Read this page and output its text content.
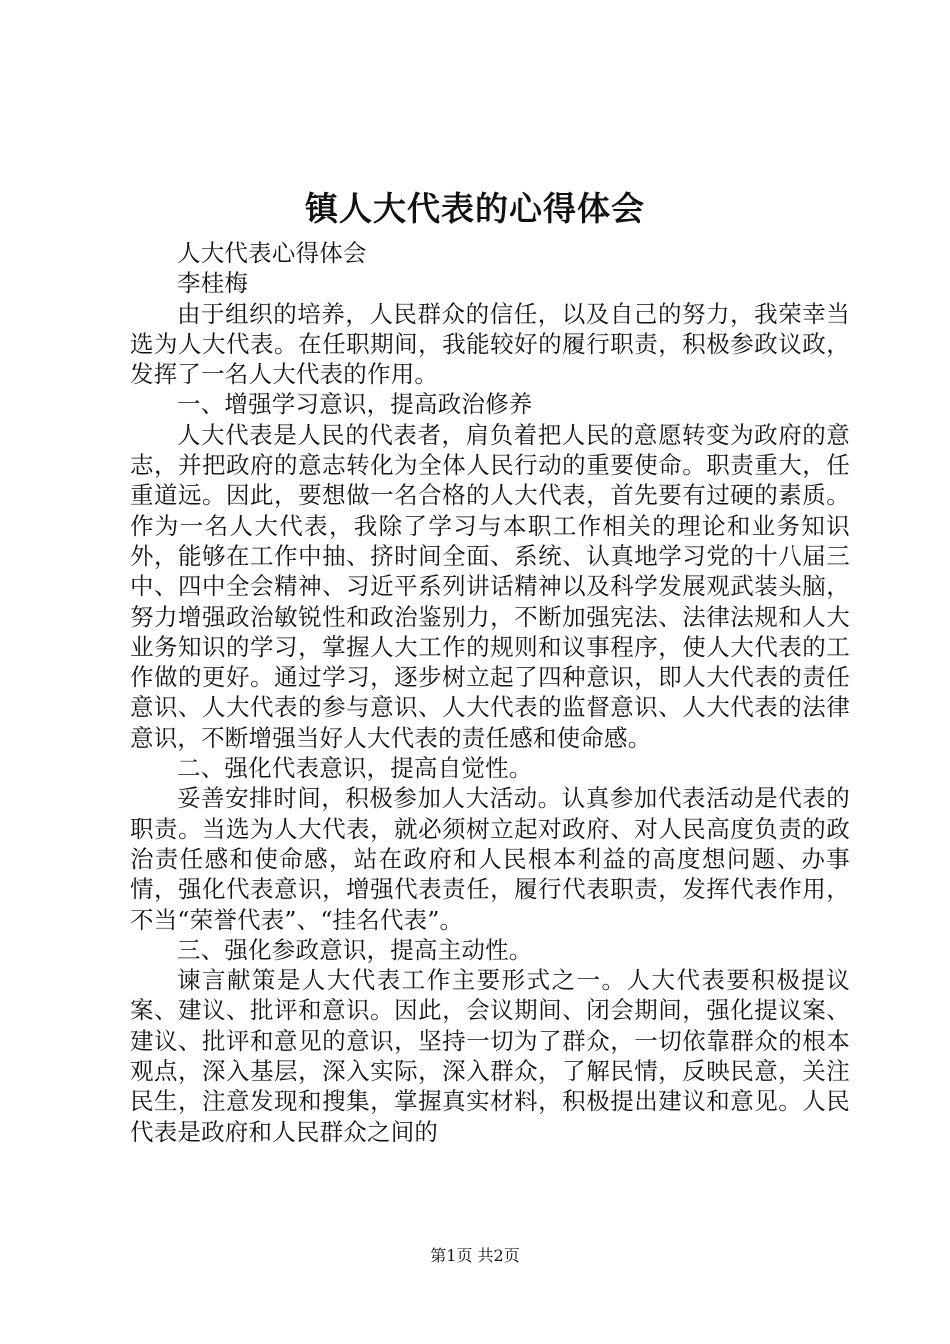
镇人大代表的心得体会

人大代表心得体会

李桂梅

由于组织的培养，人民群众的信任，以及自己的努力，我荣幸当选为人大代表。在任职期间，我能较好的履行职责，积极参政议政，发挥了一名人大代表的作用。

一、增强学习意识，提高政治修养

人大代表是人民的代表者，肩负着把人民的意愿转变为政府的意志，并把政府的意志转化为全体人民行动的重要使命。职责重大，任重道远。因此，要想做一名合格的人大代表，首先要有过硬的素质。作为一名人大代表，我除了学习与本职工作相关的理论和业务知识外，能够在工作中抽、挤时间全面、系统、认真地学习党的十八届三中、四中全会精神、习近平系列讲话精神以及科学发展观武装头脑，努力增强政治敏锐性和政治鉴别力，不断加强宪法、法律法规和人大业务知识的学习，掌握人大工作的规则和议事程序，使人大代表的工作做的更好。通过学习，逐步树立起了四种意识，即人大代表的责任意识、人大代表的参与意识、人大代表的监督意识、人大代表的法律意识，不断增强当好人大代表的责任感和使命感。

二、强化代表意识，提高自觉性。

妥善安排时间，积极参加人大活动。认真参加代表活动是代表的职责。当选为人大代表，就必须树立起对政府、对人民高度负责的政治责任感和使命感，站在政府和人民根本利益的高度想问题、办事情，强化代表意识，增强代表责任，履行代表职责，发挥代表作用，不当“荣誉代表”、“挂名代表”。

三、强化参政意识，提高主动性。

谏言献策是人大代表工作主要形式之一。人大代表要积极提议案、建议、批评和意识。因此，会议期间、闭会期间，强化提议案、建议、批评和意见的意识，坚持一切为了群众，一切依靠群众的根本观点，深入基层，深入实际，深入群众，了解民情，反映民意，关注民生，注意发现和搜集，掌握真实材料，积极提出建议和意见。人民代表是政府和人民群众之间的

第1页 共2页
